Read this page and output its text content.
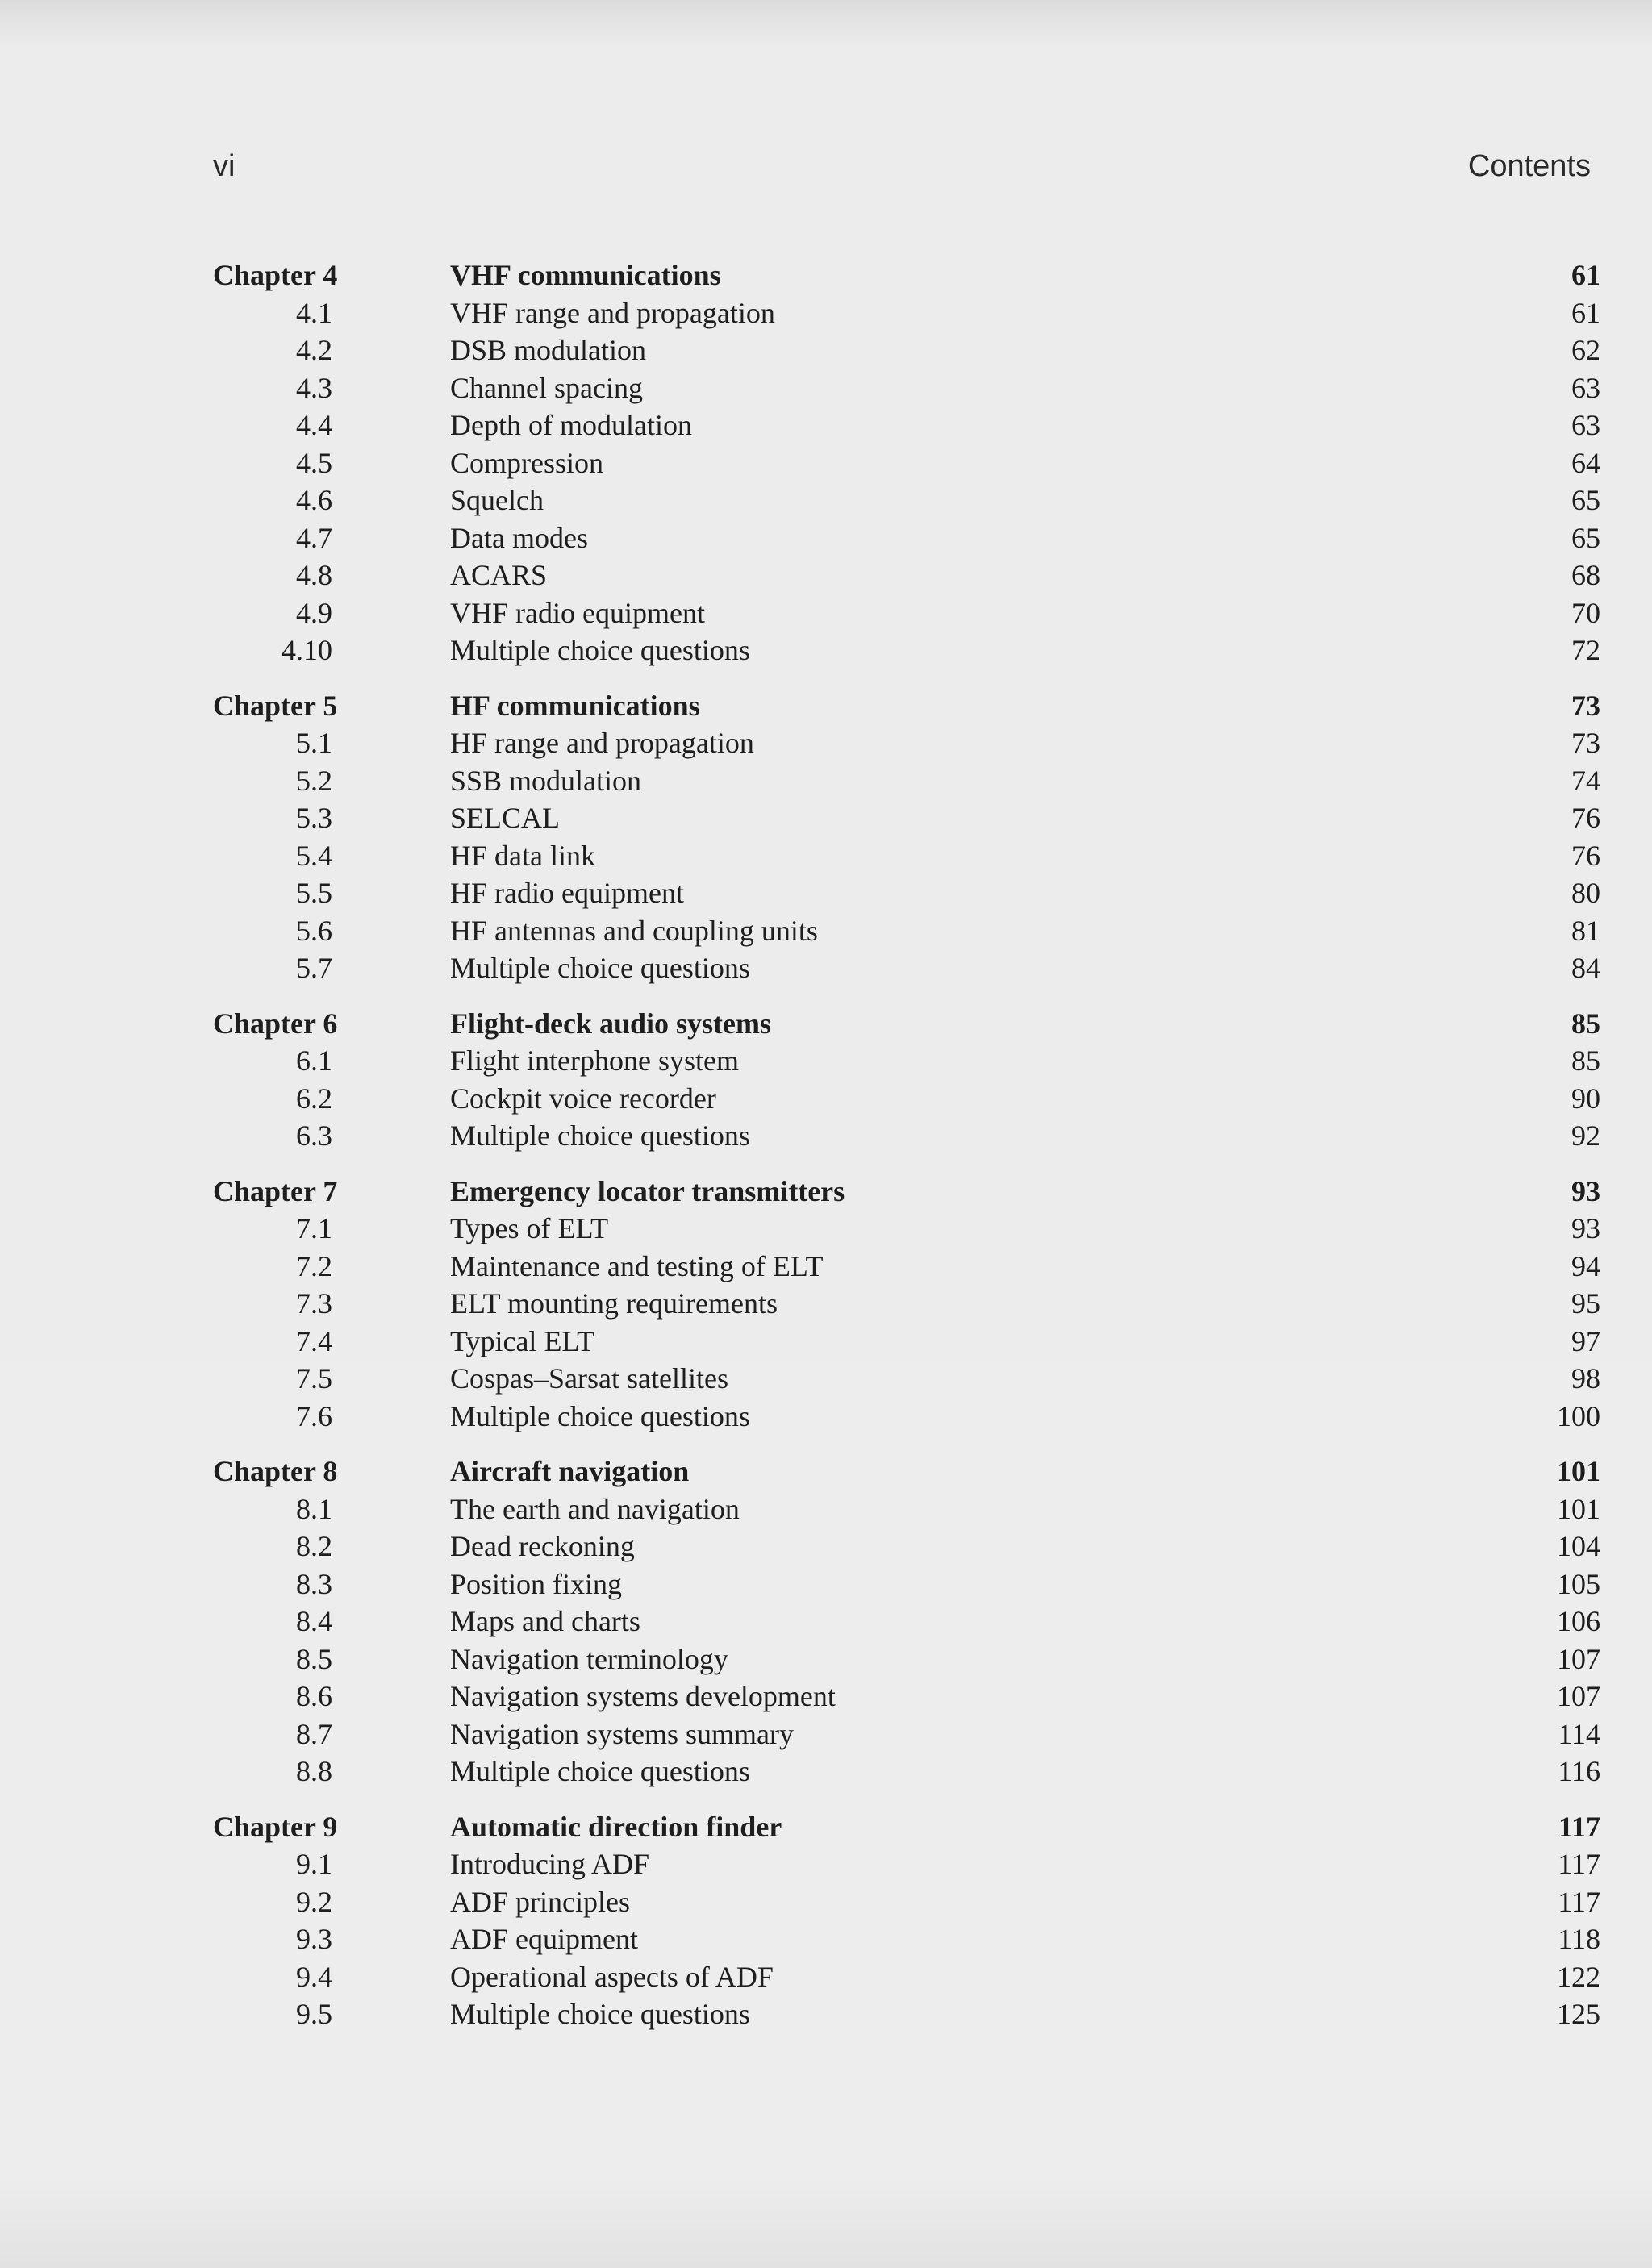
vi	Contents
Chapter 4	VHF communications	61
4.1	VHF range and propagation	61
4.2	DSB modulation	62
4.3	Channel spacing	63
4.4	Depth of modulation	63
4.5	Compression	64
4.6	Squelch	65
4.7	Data modes	65
4.8	ACARS	68
4.9	VHF radio equipment	70
4.10	Multiple choice questions	72
Chapter 5	HF communications	73
5.1	HF range and propagation	73
5.2	SSB modulation	74
5.3	SELCAL	76
5.4	HF data link	76
5.5	HF radio equipment	80
5.6	HF antennas and coupling units	81
5.7	Multiple choice questions	84
Chapter 6	Flight-deck audio systems	85
6.1	Flight interphone system	85
6.2	Cockpit voice recorder	90
6.3	Multiple choice questions	92
Chapter 7	Emergency locator transmitters	93
7.1	Types of ELT	93
7.2	Maintenance and testing of ELT	94
7.3	ELT mounting requirements	95
7.4	Typical ELT	97
7.5	Cospas–Sarsat satellites	98
7.6	Multiple choice questions	100
Chapter 8	Aircraft navigation	101
8.1	The earth and navigation	101
8.2	Dead reckoning	104
8.3	Position fixing	105
8.4	Maps and charts	106
8.5	Navigation terminology	107
8.6	Navigation systems development	107
8.7	Navigation systems summary	114
8.8	Multiple choice questions	116
Chapter 9	Automatic direction finder	117
9.1	Introducing ADF	117
9.2	ADF principles	117
9.3	ADF equipment	118
9.4	Operational aspects of ADF	122
9.5	Multiple choice questions	125
